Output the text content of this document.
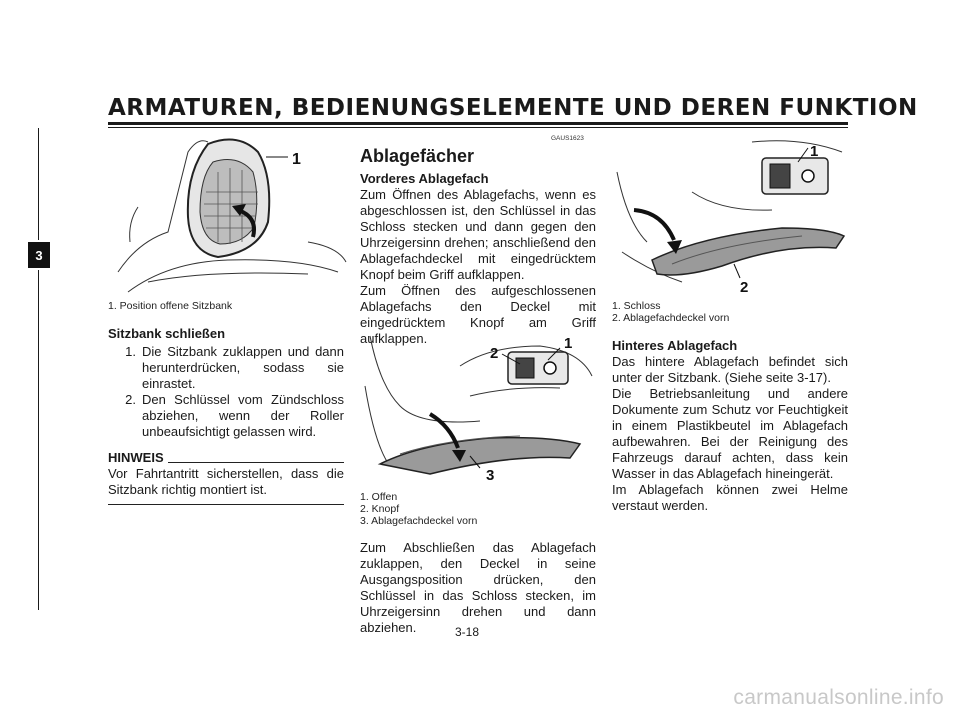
ARMATUREN, BEDIENUNGSELEMENTE UND DEREN FUNKTION
3
1
1. Position offene Sitzbank
Sitzbank schließen
1. Die Sitzbank zuklappen und dann herunterdrücken, sodass sie einrastet.
2. Den Schlüssel vom Zündschloss abziehen, wenn der Roller unbeaufsichtigt gelassen wird.
HINWEIS
Vor Fahrtantritt sicherstellen, dass die Sitzbank richtig montiert ist.
GAUS1623
Ablagefächer
Vorderes Ablagefach
Zum Öffnen des Ablagefachs, wenn es abgeschlossen ist, den Schlüssel in das Schloss stecken und dann gegen den Uhrzeigersinn drehen; anschließend den Ablagefachdeckel mit eingedrücktem Knopf beim Griff aufklappen.
Zum Öffnen des aufgeschlossenen Ablagefachs den Deckel mit eingedrücktem Knopf am Griff aufklappen.
2
1
3
1. Offen
2. Knopf
3. Ablagefachdeckel vorn
Zum Abschließen das Ablagefach zuklappen, den Deckel in seine Ausgangsposition drücken, den Schlüssel in das Schloss stecken, im Uhrzeigersinn drehen und dann abziehen.
1
2
1. Schloss
2. Ablagefachdeckel vorn
Hinteres Ablagefach
Das hintere Ablagefach befindet sich unter der Sitzbank. (Siehe seite 3-17).
Die Betriebsanleitung und andere Dokumente zum Schutz vor Feuchtigkeit in einem Plastikbeutel im Ablagefach aufbewahren. Bei der Reinigung des Fahrzeugs darauf achten, dass kein Wasser in das Ablagefach hineingerät.
Im Ablagefach können zwei Helme verstaut werden.
3-18
carmanualsonline.info
